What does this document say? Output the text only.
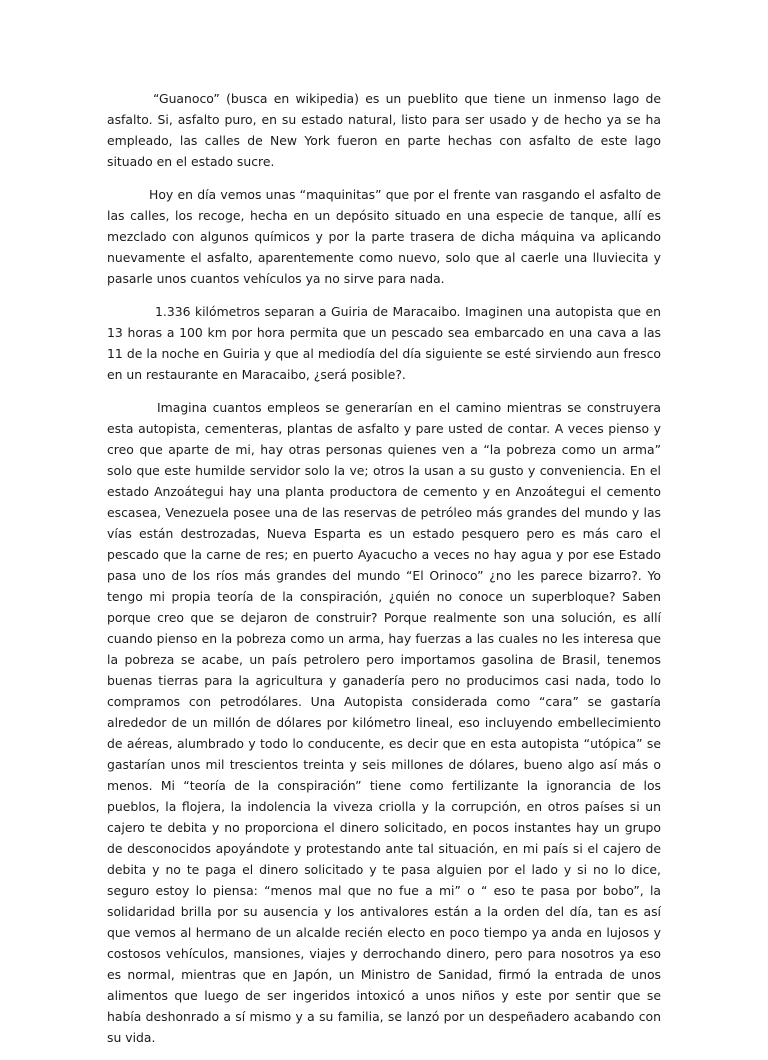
“Guanoco” (busca en wikipedia) es un pueblito que tiene un inmenso lago de asfalto. Si, asfalto puro, en su estado natural, listo para ser usado y de hecho ya se ha empleado, las calles de New York fueron en parte hechas con asfalto de este lago situado en el estado sucre.

Hoy en día vemos unas “maquinitas” que por el frente van rasgando el asfalto de las calles, los recoge, hecha en un depósito situado en una especie de tanque, allí es mezclado con algunos químicos y por la parte trasera de dicha máquina va aplicando nuevamente el asfalto, aparentemente como nuevo, solo que al caerle una lluviecita y pasarle unos cuantos vehículos ya no sirve para nada.

1.336 kilómetros separan a Guiria de Maracaibo. Imaginen una autopista que en 13 horas a 100 km por hora permita que un pescado sea embarcado en una cava a las 11 de la noche en Guiria y que al mediodía del día siguiente se esté sirviendo aun fresco en un restaurante en Maracaibo, ¿será posible?.

Imagina cuantos empleos se generarían en el camino mientras se construyera esta autopista, cementeras, plantas de asfalto y pare usted de contar. A veces pienso y creo que aparte de mi, hay otras personas quienes ven a “la pobreza como un arma” solo que este humilde servidor solo la ve; otros la usan a su gusto y conveniencia. En el estado Anzoátegui hay una planta productora de cemento y en Anzoátegui el cemento escasea, Venezuela posee una de las reservas de petróleo más grandes del mundo y las vías están destrozadas, Nueva Esparta es un estado pesquero pero es más caro el pescado que la carne de res; en puerto Ayacucho a veces no hay agua y por ese Estado pasa uno de los ríos más grandes del mundo “El Orinoco” ¿no les parece bizarro?. Yo tengo mi propia teoría de la conspiración, ¿quién no conoce un superbloque? Saben porque creo que se dejaron de construir? Porque realmente son una solución, es allí cuando pienso en la pobreza como un arma, hay fuerzas a las cuales no les interesa que la pobreza se acabe, un país petrolero pero importamos gasolina de Brasil, tenemos buenas tierras para la agricultura y ganadería pero no producimos casi nada, todo lo compramos con petrodólares. Una Autopista considerada como “cara” se gastaría alrededor de un millón de dólares por kilómetro lineal, eso incluyendo embellecimiento de aéreas, alumbrado y todo lo conducente, es decir que en esta autopista “utópica” se gastarían unos mil trescientos treinta y seis millones de dólares, bueno algo así más o menos. Mi “teoría de la conspiración” tiene como fertilizante la ignorancia de los pueblos, la flojera, la indolencia la viveza criolla y la corrupción, en otros países si un cajero te debita y no proporciona el dinero solicitado, en pocos instantes hay un grupo de desconocidos apoyándote y protestando ante tal situación, en mi país si el cajero de debita y no te paga el dinero solicitado y te pasa alguien por el lado y si no lo dice, seguro estoy lo piensa: “menos mal que no fue a mi” o “ eso te pasa por bobo”, la solidaridad brilla por su ausencia y los antivalores están a la orden del día, tan es así que vemos al hermano de un alcalde recién electo en poco tiempo ya anda en lujosos y costosos vehículos, mansiones, viajes y derrochando dinero, pero para nosotros ya eso es normal, mientras que en Japón, un Ministro de Sanidad, firmó la entrada de unos alimentos que luego de ser ingeridos intoxicó a unos niños y este por sentir que se había deshonrado a sí mismo y a su familia, se lanzó por un despeñadero acabando con su vida.
